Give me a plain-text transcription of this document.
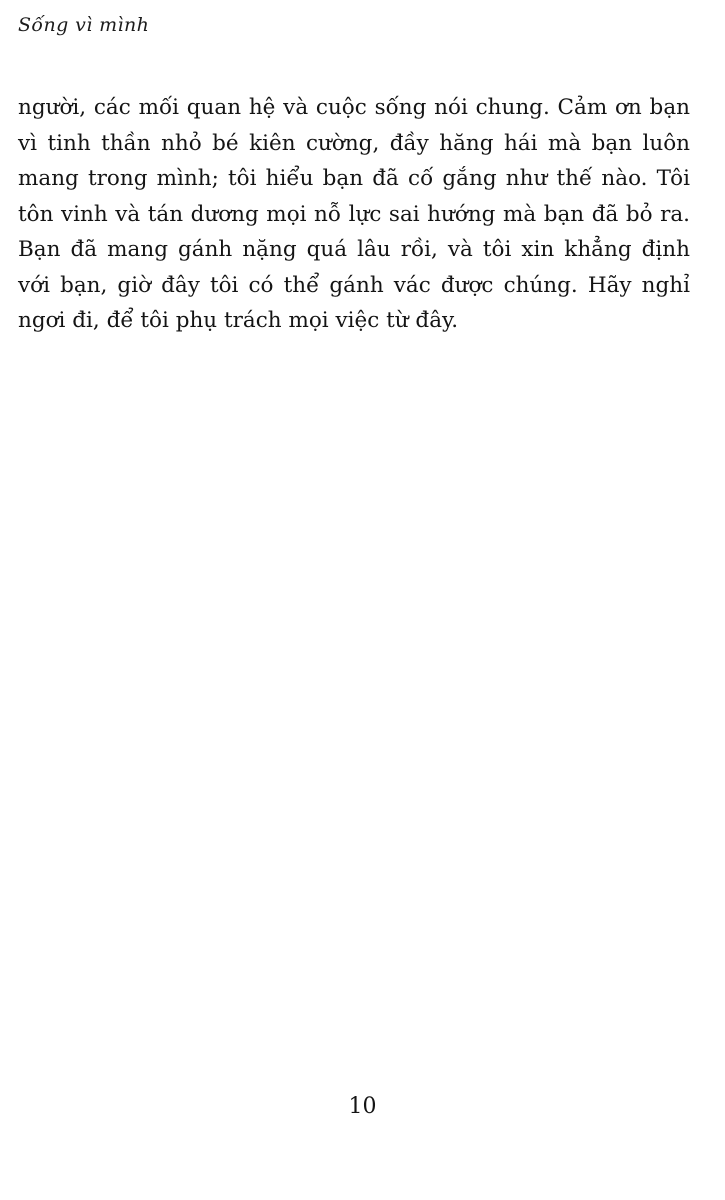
Sống vì mình

người, các mối quan hệ và cuộc sống nói chung. Cảm ơn bạn vì tinh thần nhỏ bé kiên cường, đầy hăng hái mà bạn luôn mang trong mình; tôi hiểu bạn đã cố gắng như thế nào. Tôi tôn vinh và tán dương mọi nỗ lực sai hướng mà bạn đã bỏ ra. Bạn đã mang gánh nặng quá lâu rồi, và tôi xin khẳng định với bạn, giờ đây tôi có thể gánh vác được chúng. Hãy nghỉ ngơi đi, để tôi phụ trách mọi việc từ đây.

10
